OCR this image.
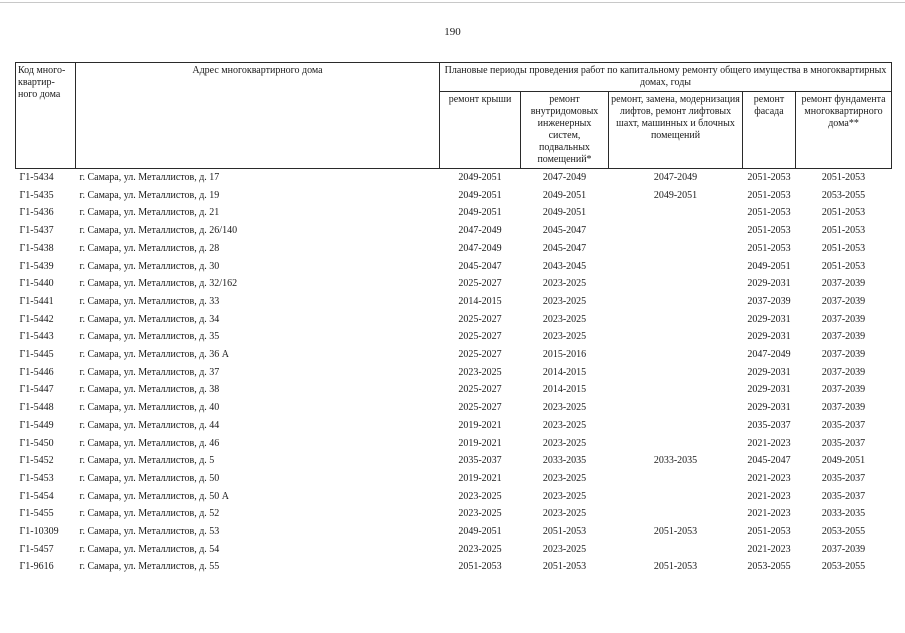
190
Код много-квартир-ного дома	Адрес многоквартирного дома	Плановые периоды проведения работ по капитальному ремонту общего имущества в многоквартирных домах, годы				
		ремонт крыши	ремонт внутридомовых инженерных систем, подвальных помещений*	ремонт, замена, модернизация лифтов, ремонт лифтовых шахт, машинных и блочных помещений	ремонт фасада	ремонт фундамента многоквартирного дома**
Г1-5434	г. Самара, ул. Металлистов, д. 17	2049-2051	2047-2049	2047-2049	2051-2053	2051-2053
Г1-5435	г. Самара, ул. Металлистов, д. 19	2049-2051	2049-2051	2049-2051	2051-2053	2053-2055
Г1-5436	г. Самара, ул. Металлистов, д. 21	2049-2051	2049-2051		2051-2053	2051-2053
Г1-5437	г. Самара, ул. Металлистов, д. 26/140	2047-2049	2045-2047		2051-2053	2051-2053
Г1-5438	г. Самара, ул. Металлистов, д. 28	2047-2049	2045-2047		2051-2053	2051-2053
Г1-5439	г. Самара, ул. Металлистов, д. 30	2045-2047	2043-2045		2049-2051	2051-2053
Г1-5440	г. Самара, ул. Металлистов, д. 32/162	2025-2027	2023-2025		2029-2031	2037-2039
Г1-5441	г. Самара, ул. Металлистов, д. 33	2014-2015	2023-2025		2037-2039	2037-2039
Г1-5442	г. Самара, ул. Металлистов, д. 34	2025-2027	2023-2025		2029-2031	2037-2039
Г1-5443	г. Самара, ул. Металлистов, д. 35	2025-2027	2023-2025		2029-2031	2037-2039
Г1-5445	г. Самара, ул. Металлистов, д. 36 А	2025-2027	2015-2016		2047-2049	2037-2039
Г1-5446	г. Самара, ул. Металлистов, д. 37	2023-2025	2014-2015		2029-2031	2037-2039
Г1-5447	г. Самара, ул. Металлистов, д. 38	2025-2027	2014-2015		2029-2031	2037-2039
Г1-5448	г. Самара, ул. Металлистов, д. 40	2025-2027	2023-2025		2029-2031	2037-2039
Г1-5449	г. Самара, ул. Металлистов, д. 44	2019-2021	2023-2025		2035-2037	2035-2037
Г1-5450	г. Самара, ул. Металлистов, д. 46	2019-2021	2023-2025		2021-2023	2035-2037
Г1-5452	г. Самара, ул. Металлистов, д. 5	2035-2037	2033-2035	2033-2035	2045-2047	2049-2051
Г1-5453	г. Самара, ул. Металлистов, д. 50	2019-2021	2023-2025		2021-2023	2035-2037
Г1-5454	г. Самара, ул. Металлистов, д. 50 А	2023-2025	2023-2025		2021-2023	2035-2037
Г1-5455	г. Самара, ул. Металлистов, д. 52	2023-2025	2023-2025		2021-2023	2033-2035
Г1-10309	г. Самара, ул. Металлистов, д. 53	2049-2051	2051-2053	2051-2053	2051-2053	2053-2055
Г1-5457	г. Самара, ул. Металлистов, д. 54	2023-2025	2023-2025		2021-2023	2037-2039
Г1-9616	г. Самара, ул. Металлистов, д. 55	2051-2053	2051-2053	2051-2053	2053-2055	2053-2055
